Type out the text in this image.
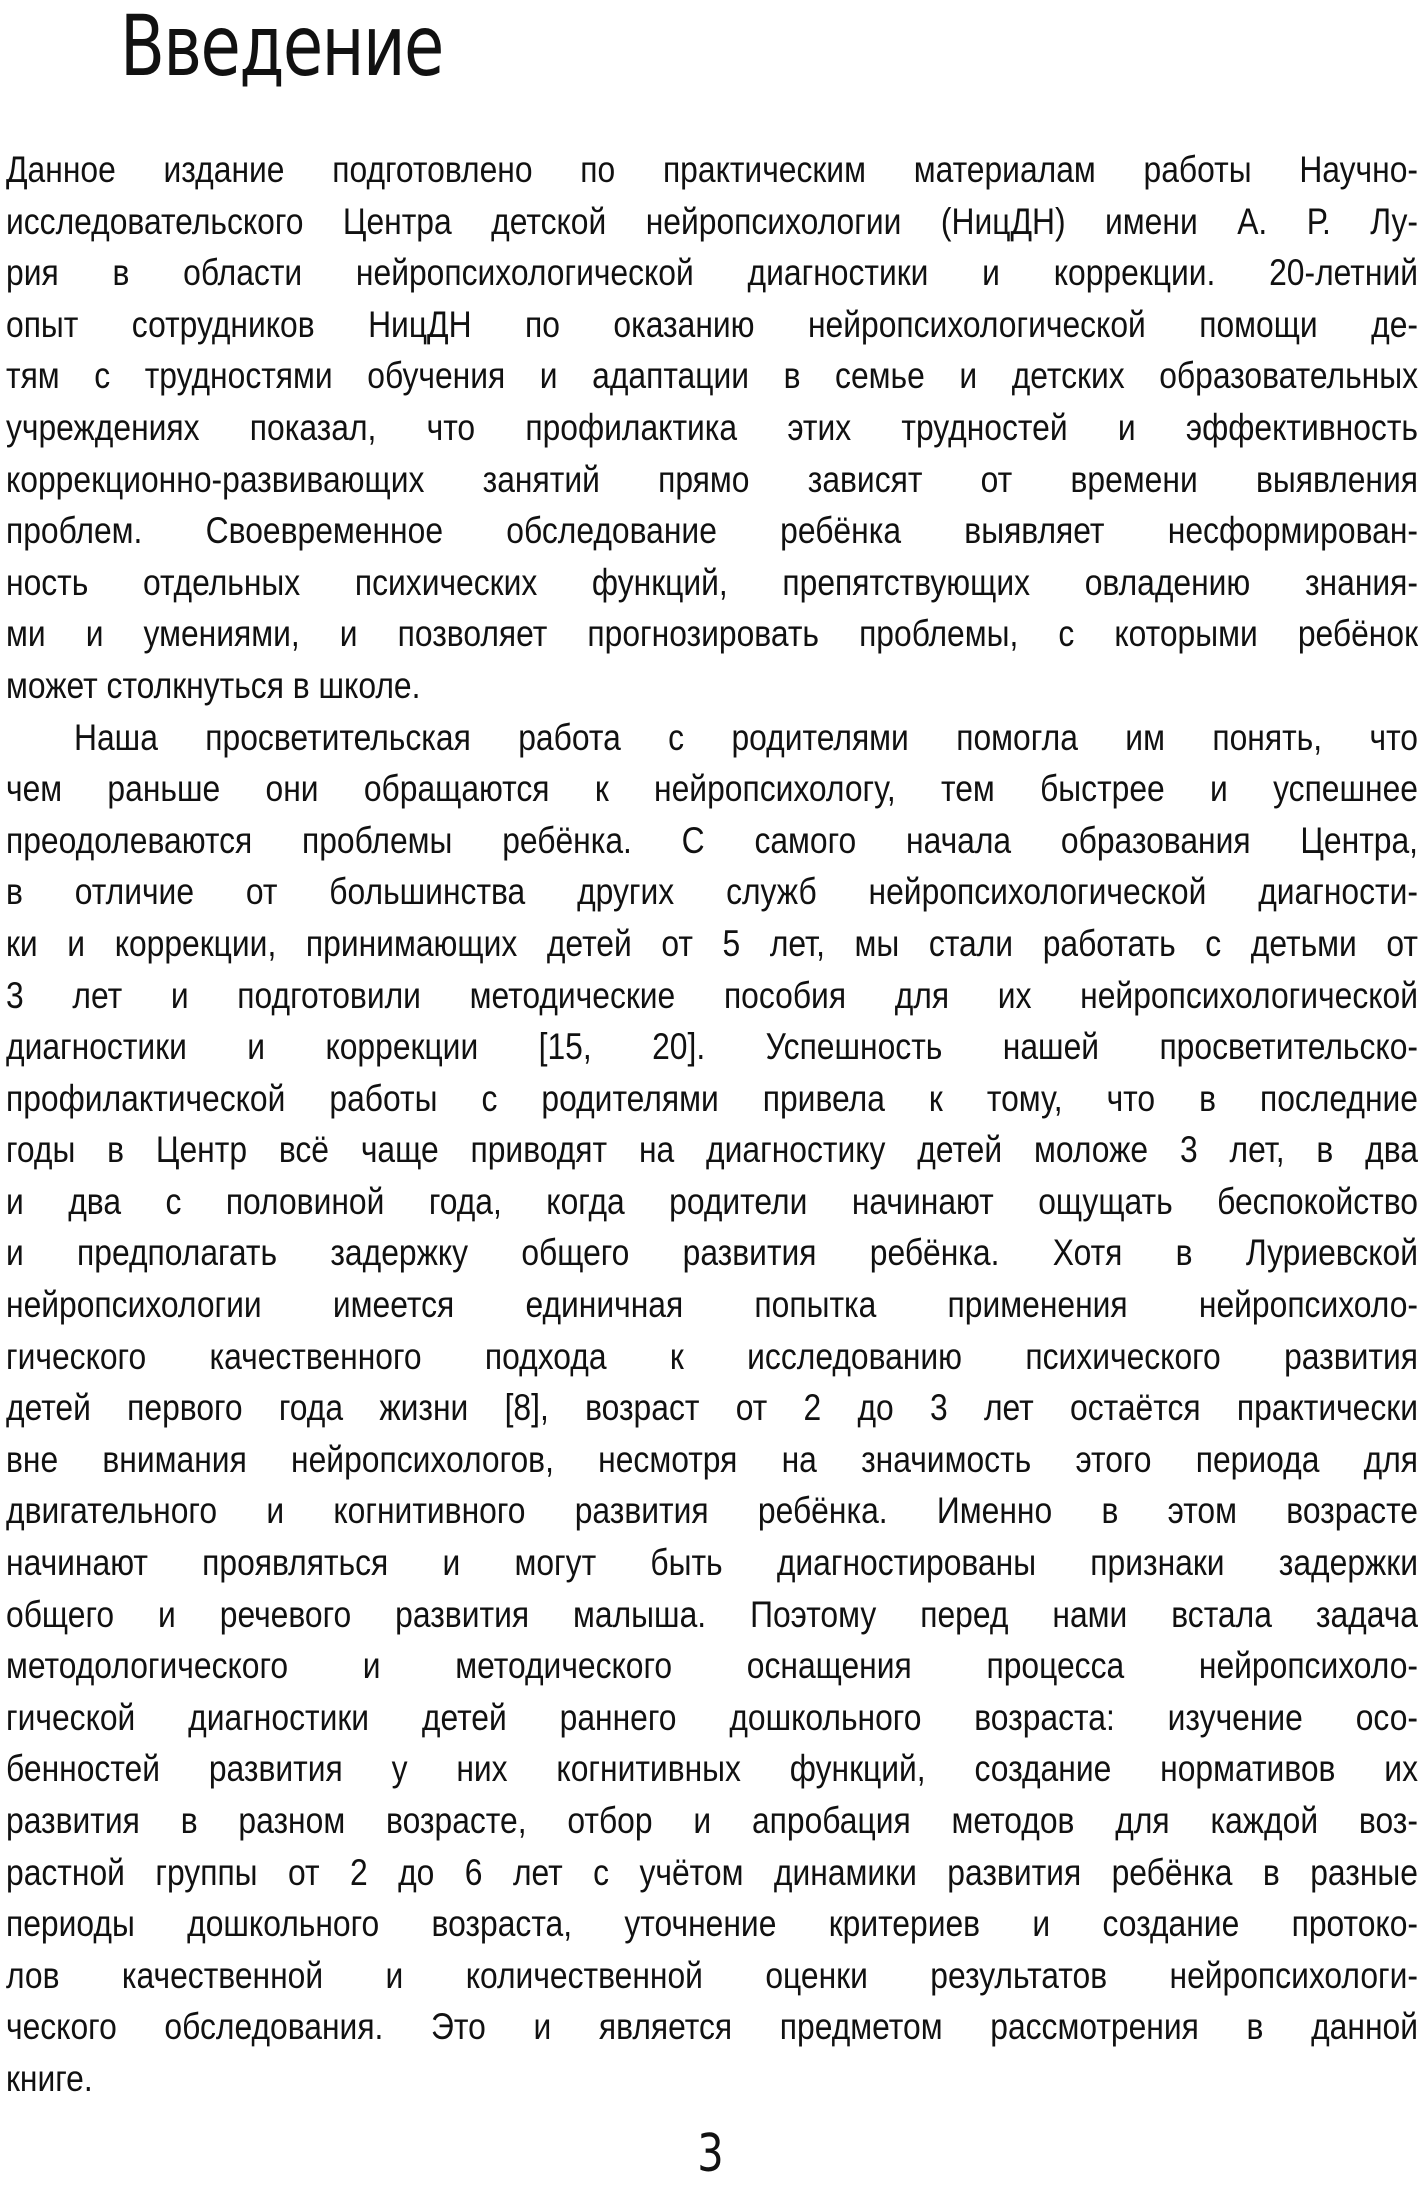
Введение
Данное издание подготовлено по практическим материалам работы Научно-
исследовательского Центра детской нейропсихологии (НицДН) имени А. Р. Лу-
рия в области нейропсихологической диагностики и коррекции. 20-летний
опыт сотрудников НицДН по оказанию нейропсихологической помощи де-
тям с трудностями обучения и адаптации в семье и детских образовательных
учреждениях показал, что профилактика этих трудностей и эффективность
коррекционно-развивающих занятий прямо зависят от времени выявления
проблем. Своевременное обследование ребёнка выявляет несформирован-
ность отдельных психических функций, препятствующих овладению знания-
ми и умениями, и позволяет прогнозировать проблемы, с которыми ребёнок
может столкнуться в школе.
Наша просветительская работа с родителями помогла им понять, что
чем раньше они обращаются к нейропсихологу, тем быстрее и успешнее
преодолеваются проблемы ребёнка. С самого начала образования Центра,
в отличие от большинства других служб нейропсихологической диагности-
ки и коррекции, принимающих детей от 5 лет, мы стали работать с детьми от
3 лет и подготовили методические пособия для их нейропсихологической
диагностики и коррекции [15, 20]. Успешность нашей просветительско-
профилактической работы с родителями привела к тому, что в последние
годы в Центр всё чаще приводят на диагностику детей моложе 3 лет, в два
и два с половиной года, когда родители начинают ощущать беспокойство
и предполагать задержку общего развития ребёнка. Хотя в Луриевской
нейропсихологии имеется единичная попытка применения нейропсихоло-
гического качественного подхода к исследованию психического развития
детей первого года жизни [8], возраст от 2 до 3 лет остаётся практически
вне внимания нейропсихологов, несмотря на значимость этого периода для
двигательного и когнитивного развития ребёнка. Именно в этом возрасте
начинают проявляться и могут быть диагностированы признаки задержки
общего и речевого развития малыша. Поэтому перед нами встала задача
методологического и методического оснащения процесса нейропсихоло-
гической диагностики детей раннего дошкольного возраста: изучение осо-
бенностей развития у них когнитивных функций, создание нормативов их
развития в разном возрасте, отбор и апробация методов для каждой воз-
растной группы от 2 до 6 лет с учётом динамики развития ребёнка в разные
периоды дошкольного возраста, уточнение критериев и создание протоко-
лов качественной и количественной оценки результатов нейропсихологи-
ческого обследования. Это и является предметом рассмотрения в данной
книге.
3
